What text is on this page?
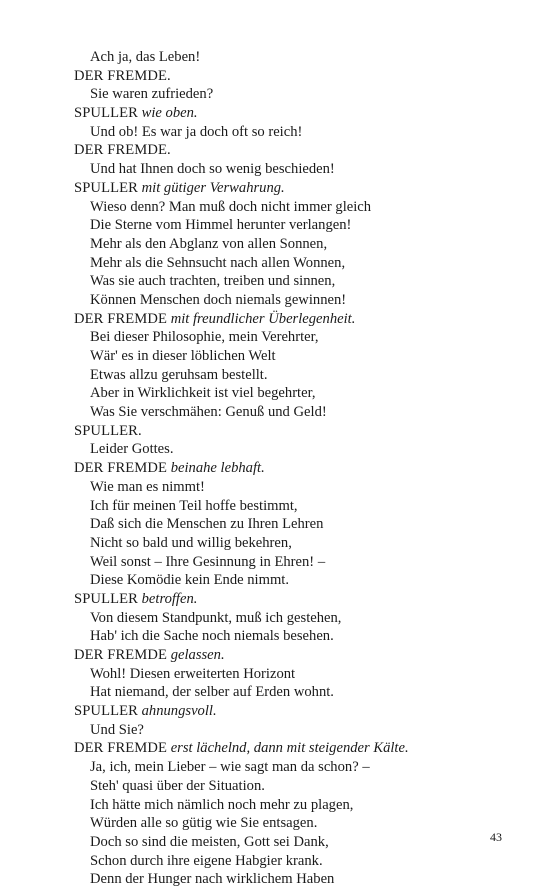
Ach ja, das Leben!
DER FREMDE.
Sie waren zufrieden?
SPULLER wie oben.
Und ob! Es war ja doch oft so reich!
DER FREMDE.
Und hat Ihnen doch so wenig beschieden!
SPULLER mit gütiger Verwahrung.
Wieso denn? Man muß doch nicht immer gleich
Die Sterne vom Himmel herunter verlangen!
Mehr als den Abglanz von allen Sonnen,
Mehr als die Sehnsucht nach allen Wonnen,
Was sie auch trachten, treiben und sinnen,
Können Menschen doch niemals gewinnen!
DER FREMDE mit freundlicher Überlegenheit.
Bei dieser Philosophie, mein Verehrter,
Wär' es in dieser löblichen Welt
Etwas allzu geruhsam bestellt.
Aber in Wirklichkeit ist viel begehrter,
Was Sie verschmähen: Genuß und Geld!
SPULLER.
Leider Gottes.
DER FREMDE beinahe lebhaft.
Wie man es nimmt!
Ich für meinen Teil hoffe bestimmt,
Daß sich die Menschen zu Ihren Lehren
Nicht so bald und willig bekehren,
Weil sonst – Ihre Gesinnung in Ehren! –
Diese Komödie kein Ende nimmt.
SPULLER betroffen.
Von diesem Standpunkt, muß ich gestehen,
Hab' ich die Sache noch niemals besehen.
DER FREMDE gelassen.
Wohl! Diesen erweiterten Horizont
Hat niemand, der selber auf Erden wohnt.
SPULLER ahnungsvoll.
Und Sie?
DER FREMDE erst lächelnd, dann mit steigender Kälte.
Ja, ich, mein Lieber – wie sagt man da schon? –
Steh' quasi über der Situation.
Ich hätte mich nämlich noch mehr zu plagen,
Würden alle so gütig wie Sie entsagen.
Doch so sind die meisten, Gott sei Dank,
Schon durch ihre eigene Habgier krank.
Denn der Hunger nach wirklichem Haben
43
